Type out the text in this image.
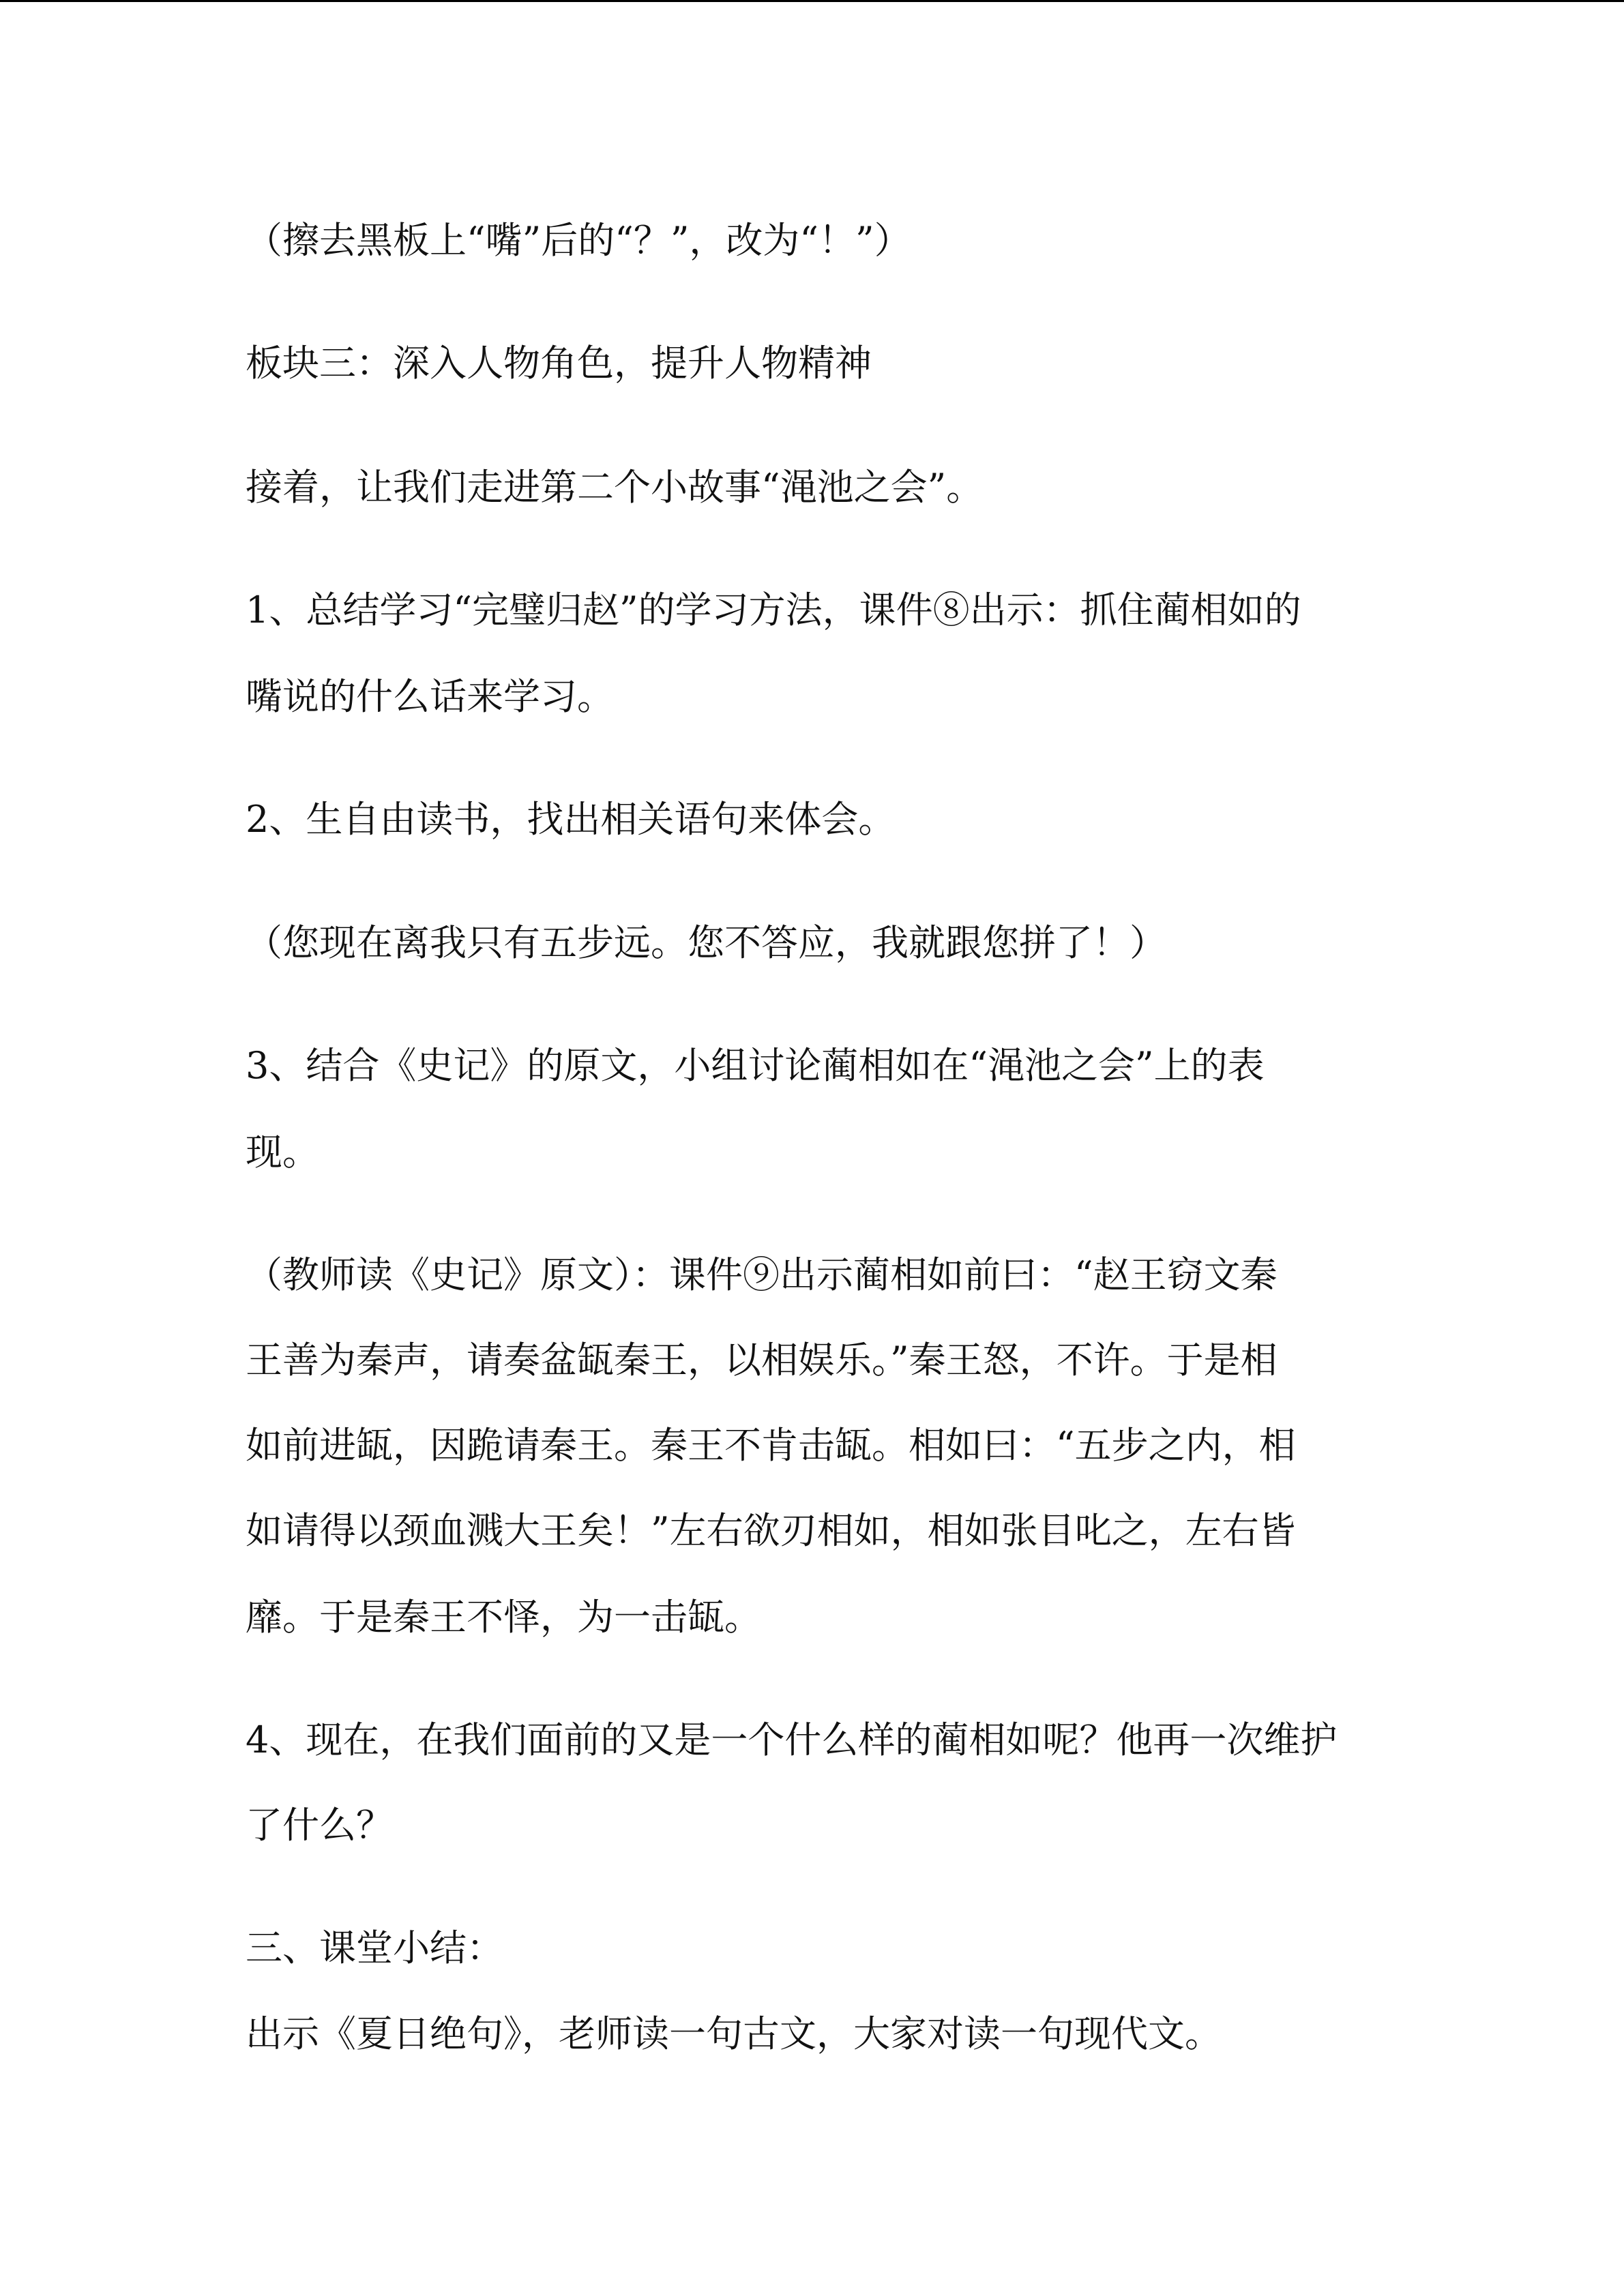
（擦去黑板上“嘴”后的“？”，改为“！”）
板块三：深入人物角色，提升人物精神
接着，让我们走进第二个小故事“渑池之会”。
1、总结学习“完璧归赵”的学习方法，课件⑧出示：抓住蔺相如的
嘴说的什么话来学习。
2、生自由读书，找出相关语句来体会。
（您现在离我只有五步远。您不答应，我就跟您拼了！）
3、结合《史记》的原文，小组讨论蔺相如在“渑池之会”上的表
现。
（教师读《史记》原文）：课件⑨出示蔺相如前曰：“赵王窃文秦
王善为秦声，请奏盆缻秦王，以相娱乐。”秦王怒，不许。于是相
如前进缻，因跪请秦王。秦王不肯击缻。相如曰：“五步之内，相
如请得以颈血溅大王矣！”左右欲刃相如，相如张目叱之，左右皆
靡。于是秦王不怿，为一击缻。
4、现在，在我们面前的又是一个什么样的蔺相如呢？他再一次维护
了什么？
三、课堂小结：
出示《夏日绝句》，老师读一句古文，大家对读一句现代文。
